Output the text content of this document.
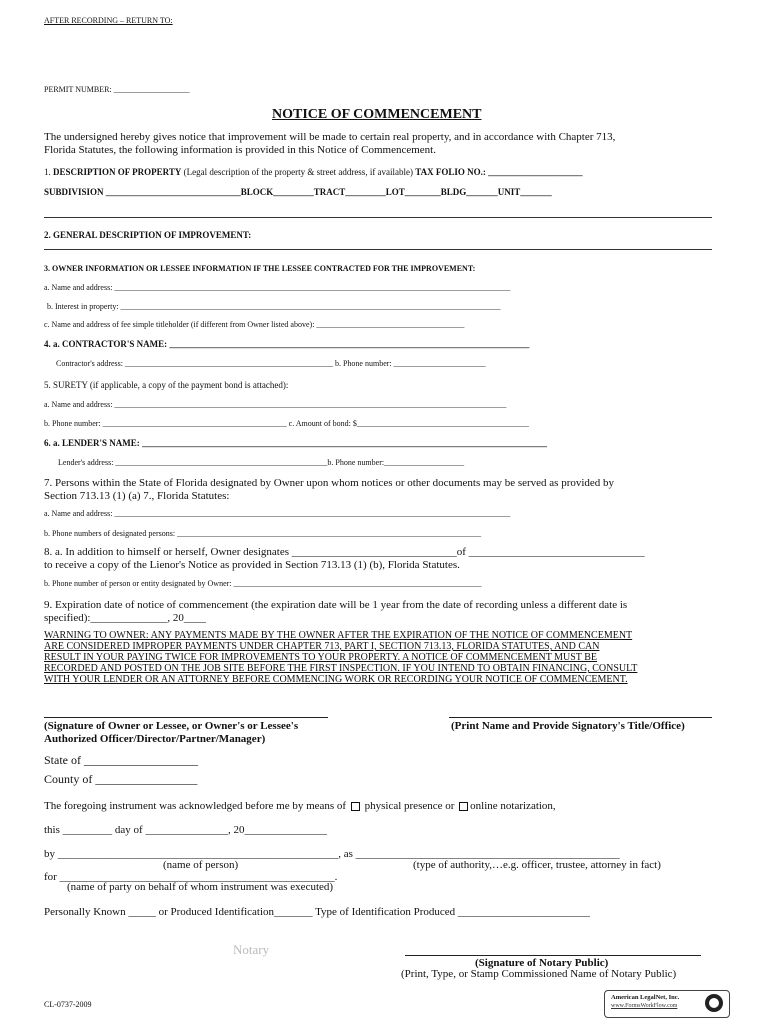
AFTER RECORDING – RETURN TO:
PERMIT NUMBER: ___________________
NOTICE OF COMMENCEMENT
The undersigned hereby gives notice that improvement will be made to certain real property, and in accordance with Chapter 713,
Florida Statutes, the following information is provided in this Notice of Commencement.
1. DESCRIPTION OF PROPERTY (Legal description of the property & street address, if available) TAX FOLIO NO.: _____________________
SUBDIVISION ______________________________BLOCK_________TRACT_________LOT________BLDG_______UNIT_______
2. GENERAL DESCRIPTION OF IMPROVEMENT:
3. OWNER INFORMATION OR LESSEE INFORMATION IF THE LESSEE CONTRACTED FOR THE IMPROVEMENT:
a. Name and address: ___________________________________________________________________________________________________
b. Interest in property: _______________________________________________________________________________________________
c. Name and address of fee simple titleholder (if different from Owner listed above): _____________________________________
4. a. CONTRACTOR'S NAME: ________________________________________________________________________________
Contractor's address: ____________________________________________________ b. Phone number: _______________________
5. SURETY (if applicable, a copy of the payment bond is attached):
a. Name and address: __________________________________________________________________________________________________
b. Phone number: ______________________________________________ c. Amount of bond: $___________________________________________
6. a. LENDER'S NAME: __________________________________________________________________________________________
Lender's address: _____________________________________________________b. Phone number:____________________
7. Persons within the State of Florida designated by Owner upon whom notices or other documents may be served as provided by
Section 713.13 (1) (a) 7., Florida Statutes:
a. Name and address: ___________________________________________________________________________________________________
b. Phone numbers of designated persons: ____________________________________________________________________________
8. a. In addition to himself or herself, Owner designates ______________________________of ________________________________
to receive a copy of the Lienor's Notice as provided in Section 713.13 (1) (b), Florida Statutes.
b. Phone number of person or entity designated by Owner: ______________________________________________________________
9. Expiration date of notice of commencement (the expiration date will be 1 year from the date of recording unless a different date is
specified):______________, 20____
WARNING TO OWNER: ANY PAYMENTS MADE BY THE OWNER AFTER THE EXPIRATION OF THE NOTICE OF COMMENCEMENT
ARE CONSIDERED IMPROPER PAYMENTS UNDER CHAPTER 713, PART I, SECTION 713.13, FLORIDA STATUTES, AND CAN
RESULT IN YOUR PAYING TWICE FOR IMPROVEMENTS TO YOUR PROPERTY. A NOTICE OF COMMENCEMENT MUST BE
RECORDED AND POSTED ON THE JOB SITE BEFORE THE FIRST INSPECTION. IF YOU INTEND TO OBTAIN FINANCING, CONSULT
WITH YOUR LENDER OR AN ATTORNEY BEFORE COMMENCING WORK OR RECORDING YOUR NOTICE OF COMMENCEMENT.
(Signature of Owner or Lessee, or Owner's or Lessee's
Authorized Officer/Director/Partner/Manager)
(Print Name and Provide Signatory's Title/Office)
State of ___________________
County of _________________
The foregoing instrument was acknowledged before me by means of physical presence or online notarization,
this _________ day of _______________, 20_______________
by ___________________________________________________, as ________________________________________________
(name of person)	(type of authority,…e.g. officer, trustee, attorney in fact)
for __________________________________________________.
(name of party on behalf of whom instrument was executed)
Personally Known _____ or Produced Identification_______ Type of Identification Produced ________________________
Notary
(Signature of Notary Public)
(Print, Type, or Stamp Commissioned Name of Notary Public)
CL-0737-2009
American LegalNet, Inc.
www.FormsWorkFlow.com
